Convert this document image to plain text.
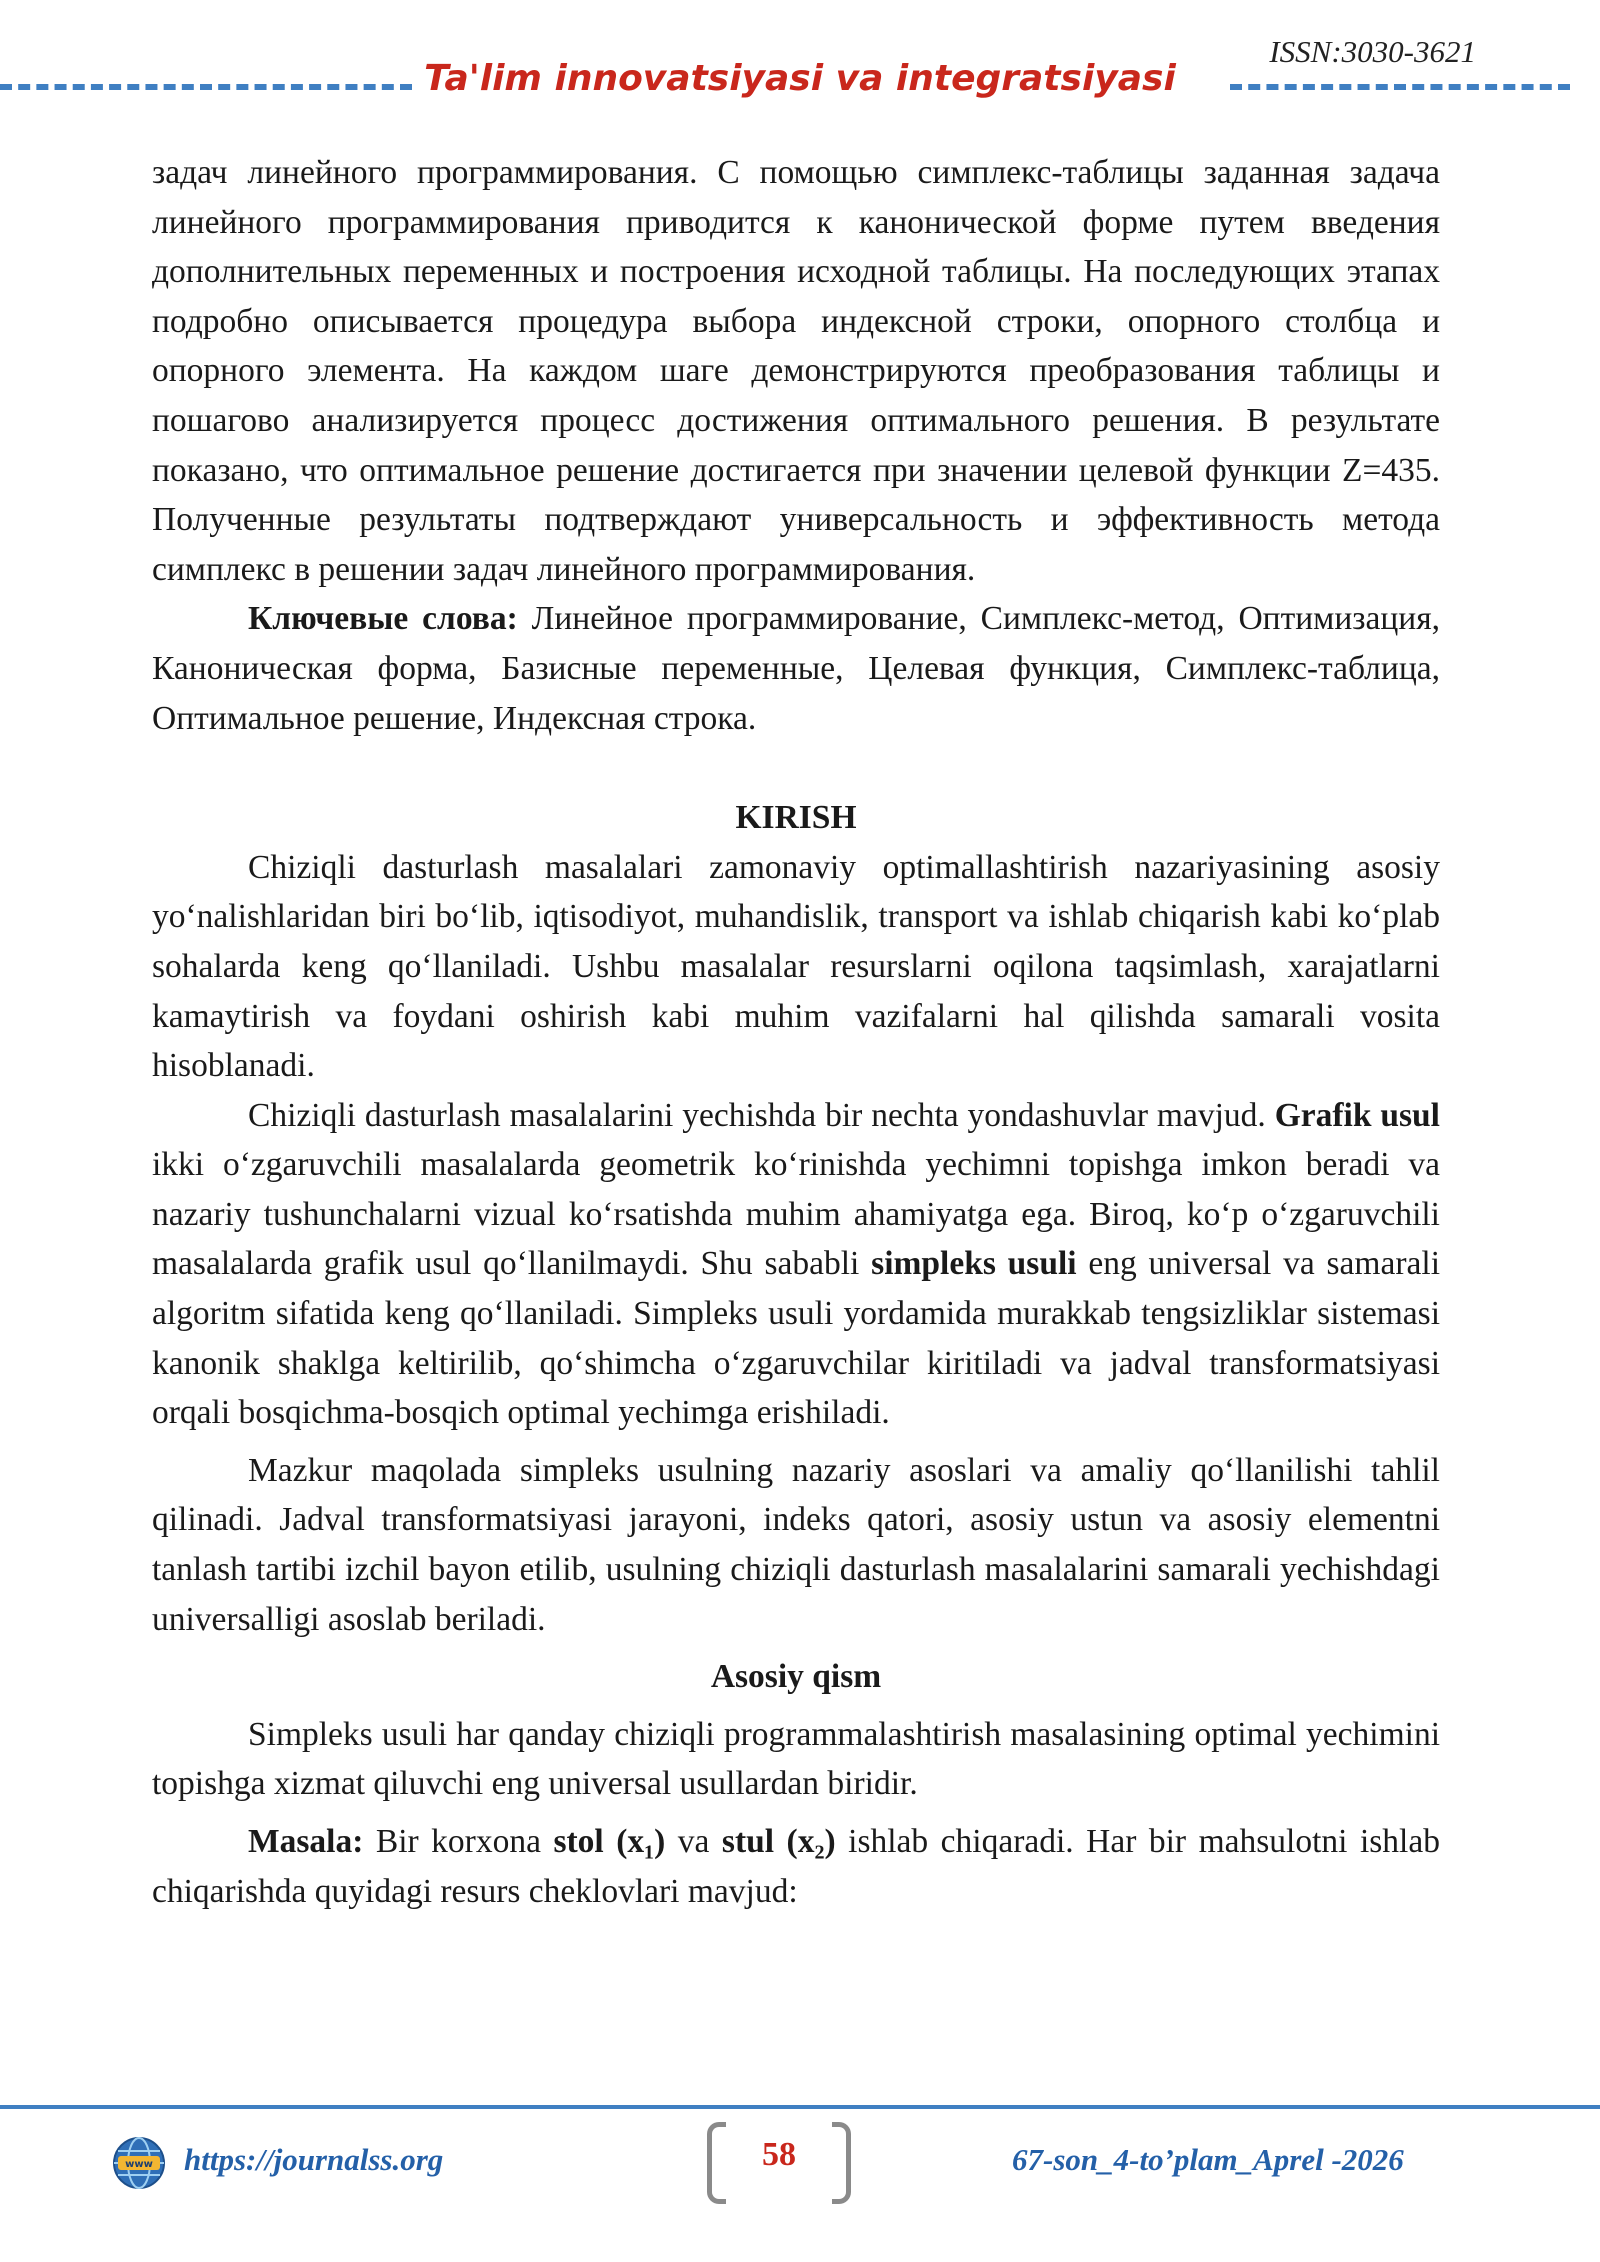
ISSN:3030-3621
Ta'lim innovatsiyasi va integratsiyasi

задач линейного программирования. С помощью симплекс-таблицы заданная задача линейного программирования приводится к канонической форме путем введения дополнительных переменных и построения исходной таблицы. На последующих этапах подробно описывается процедура выбора индексной строки, опорного столбца и опорного элемента. На каждом шаге демонстрируются преобразования таблицы и пошагово анализируется процесс достижения оптимального решения. В результате показано, что оптимальное решение достигается при значении целевой функции Z=435. Полученные результаты подтверждают универсальность и эффективность метода симплекс в решении задач линейного программирования.

Ключевые слова: Линейное программирование, Симплекс-метод, Оптимизация, Каноническая форма, Базисные переменные, Целевая функция, Симплекс-таблица, Оптимальное решение, Индексная строка.

KIRISH

Chiziqli dasturlash masalalari zamonaviy optimallashtirish nazariyasining asosiy yo‘nalishlaridan biri bo‘lib, iqtisodiyot, muhandislik, transport va ishlab chiqarish kabi ko‘plab sohalarda keng qo‘llaniladi. Ushbu masalalar resurslarni oqilona taqsimlash, xarajatlarni kamaytirish va foydani oshirish kabi muhim vazifalarni hal qilishda samarali vosita hisoblanadi.

Chiziqli dasturlash masalalarini yechishda bir nechta yondashuvlar mavjud. Grafik usul ikki o‘zgaruvchili masalalarda geometrik ko‘rinishda yechimni topishga imkon beradi va nazariy tushunchalarni vizual ko‘rsatishda muhim ahamiyatga ega. Biroq, ko‘p o‘zgaruvchili masalalarda grafik usul qo‘llanilmaydi. Shu sababli simpleks usuli eng universal va samarali algoritm sifatida keng qo‘llaniladi. Simpleks usuli yordamida murakkab tengsizliklar sistemasi kanonik shaklga keltirilib, qo‘shimcha o‘zgaruvchilar kiritiladi va jadval transformatsiyasi orqali bosqichma-bosqich optimal yechimga erishiladi.

Mazkur maqolada simpleks usulning nazariy asoslari va amaliy qo‘llanilishi tahlil qilinadi. Jadval transformatsiyasi jarayoni, indeks qatori, asosiy ustun va asosiy elementni tanlash tartibi izchil bayon etilib, usulning chiziqli dasturlash masalalarini samarali yechishdagi universalligi asoslab beriladi.

Asosiy qism

Simpleks usuli har qanday chiziqli programmalashtirish masalasining optimal yechimini topishga xizmat qiluvchi eng universal usullardan biridir.

Masala: Bir korxona stol (x₁) va stul (x₂) ishlab chiqaradi. Har bir mahsulotni ishlab chiqarishda quyidagi resurs cheklovlari mavjud:

www https://journalss.org	58	67-son_4-to’plam_Aprel -2026
